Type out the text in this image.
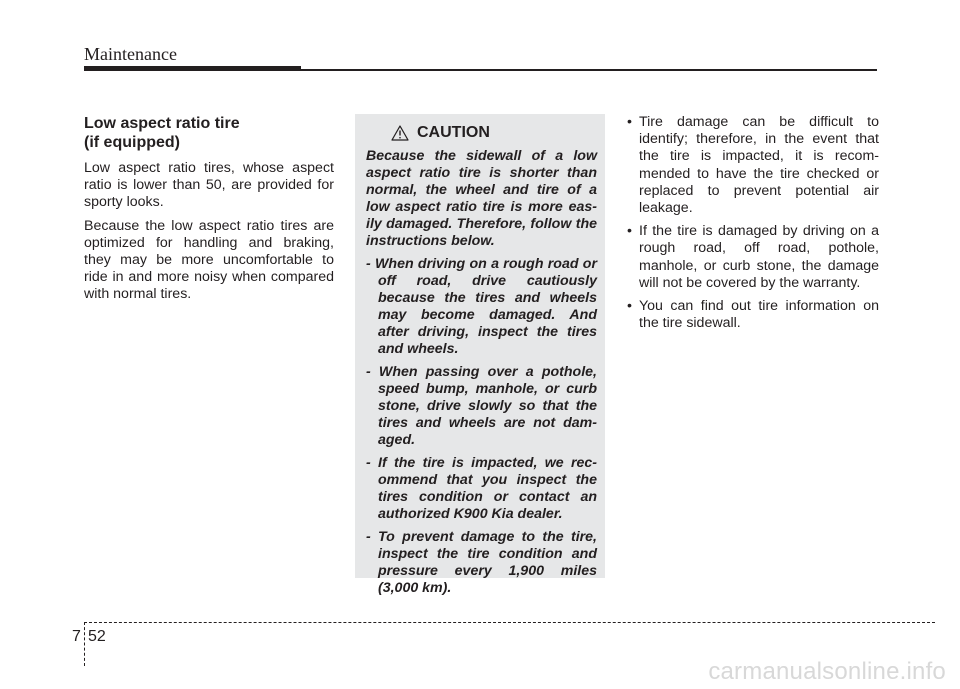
Maintenance
Low aspect ratio tire
(if equipped)

Low aspect ratio tires, whose aspect ratio is lower than 50, are provided for sporty looks.

Because the low aspect ratio tires are optimized for handling and braking, they may be more uncomfortable to ride in and more noisy when compared with normal tires.

CAUTION

Because the sidewall of a low aspect ratio tire is shorter than normal, the wheel and tire of a low aspect ratio tire is more easily damaged. Therefore, follow the instructions below.

- When driving on a rough road or off road, drive cautiously because the tires and wheels may become damaged. And after driving, inspect the tires and wheels.
- When passing over a pothole, speed bump, manhole, or curb stone, drive slowly so that the tires and wheels are not damaged.
- If the tire is impacted, we recommend that you inspect the tires condition or contact an authorized K900 Kia dealer.
- To prevent damage to the tire, inspect the tire condition and pressure every 1,900 miles (3,000 km).
• Tire damage can be difficult to identify; therefore, in the event that the tire is impacted, it is recommended to have the tire checked or replaced to prevent potential air leakage.
• If the tire is damaged by driving on a rough road, off road, pothole, manhole, or curb stone, the damage will not be covered by the warranty.
• You can find out tire information on the tire sidewall.
7 52
carmanualsonline.info
